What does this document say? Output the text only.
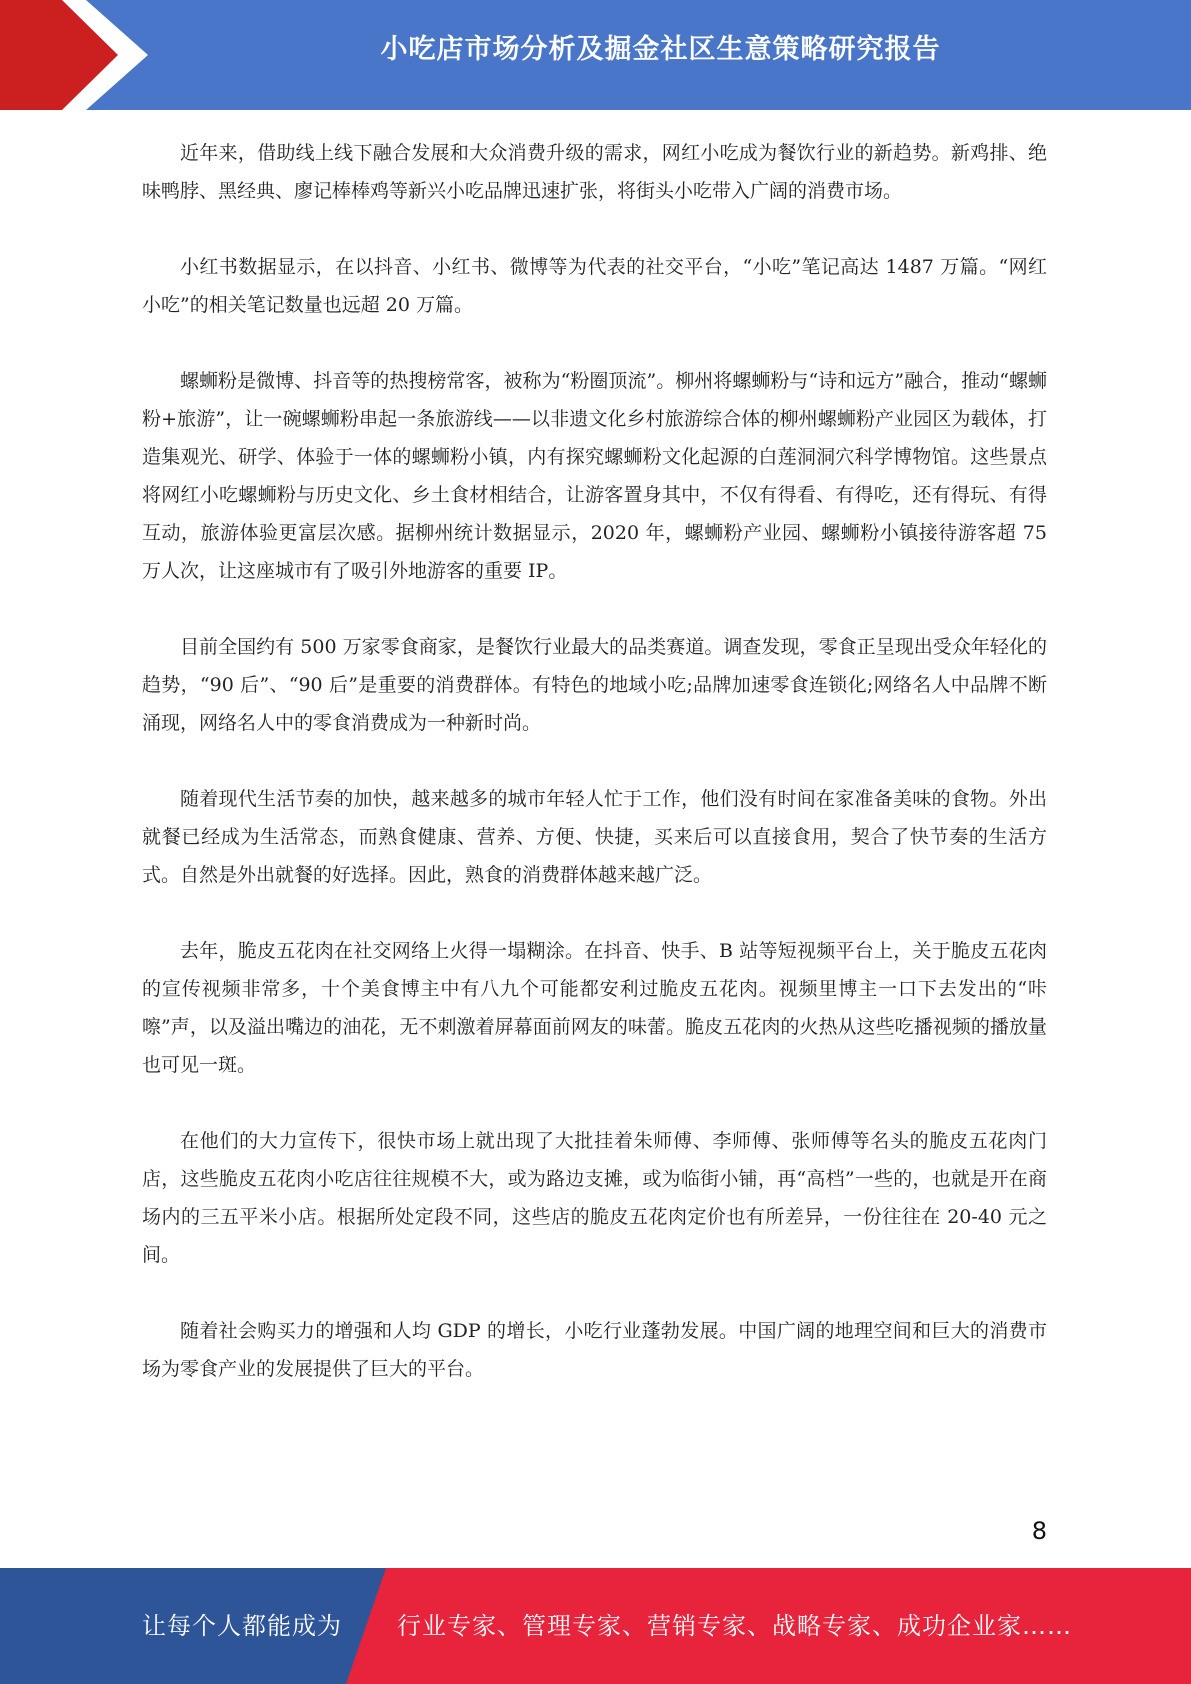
小吃店市场分析及掘金社区生意策略研究报告

近年来，借助线上线下融合发展和大众消费升级的需求，网红小吃成为餐饮行业的新趋势。新鸡排、绝味鸭脖、黑经典、廖记棒棒鸡等新兴小吃品牌迅速扩张，将街头小吃带入广阔的消费市场。

小红书数据显示，在以抖音、小红书、微博等为代表的社交平台，“小吃”笔记高达 1487 万篇。“网红小吃”的相关笔记数量也远超 20 万篇。

螺蛳粉是微博、抖音等的热搜榜常客，被称为“粉圈顶流”。柳州将螺蛳粉与“诗和远方”融合，推动“螺蛳粉+旅游”，让一碗螺蛳粉串起一条旅游线——以非遗文化乡村旅游综合体的柳州螺蛳粉产业园区为载体，打造集观光、研学、体验于一体的螺蛳粉小镇，内有探究螺蛳粉文化起源的白莲洞洞穴科学博物馆。这些景点将网红小吃螺蛳粉与历史文化、乡土食材相结合，让游客置身其中，不仅有得看、有得吃，还有得玩、有得互动，旅游体验更富层次感。据柳州统计数据显示，2020 年，螺蛳粉产业园、螺蛳粉小镇接待游客超 75 万人次，让这座城市有了吸引外地游客的重要 IP。

目前全国约有 500 万家零食商家，是餐饮行业最大的品类赛道。调查发现，零食正呈现出受众年轻化的趋势，“90 后”、“90 后”是重要的消费群体。有特色的地域小吃;品牌加速零食连锁化;网络名人中品牌不断涌现，网络名人中的零食消费成为一种新时尚。

随着现代生活节奏的加快，越来越多的城市年轻人忙于工作，他们没有时间在家准备美味的食物。外出就餐已经成为生活常态，而熟食健康、营养、方便、快捷，买来后可以直接食用，契合了快节奏的生活方式。自然是外出就餐的好选择。因此，熟食的消费群体越来越广泛。

去年，脆皮五花肉在社交网络上火得一塌糊涂。在抖音、快手、B 站等短视频平台上，关于脆皮五花肉的宣传视频非常多，十个美食博主中有八九个可能都安利过脆皮五花肉。视频里博主一口下去发出的“咔嚓”声，以及溢出嘴边的油花，无不刺激着屏幕面前网友的味蕾。脆皮五花肉的火热从这些吃播视频的播放量也可见一斑。

在他们的大力宣传下，很快市场上就出现了大批挂着朱师傅、李师傅、张师傅等名头的脆皮五花肉门店，这些脆皮五花肉小吃店往往规模不大，或为路边支摊，或为临街小铺，再“高档”一些的，也就是开在商场内的三五平米小店。根据所处定段不同，这些店的脆皮五花肉定价也有所差异，一份往往在 20-40 元之间。

随着社会购买力的增强和人均 GDP 的增长，小吃行业蓬勃发展。中国广阔的地理空间和巨大的消费市场为零食产业的发展提供了巨大的平台。

8
让每个人都能成为 行业专家、管理专家、营销专家、战略专家、成功企业家……
